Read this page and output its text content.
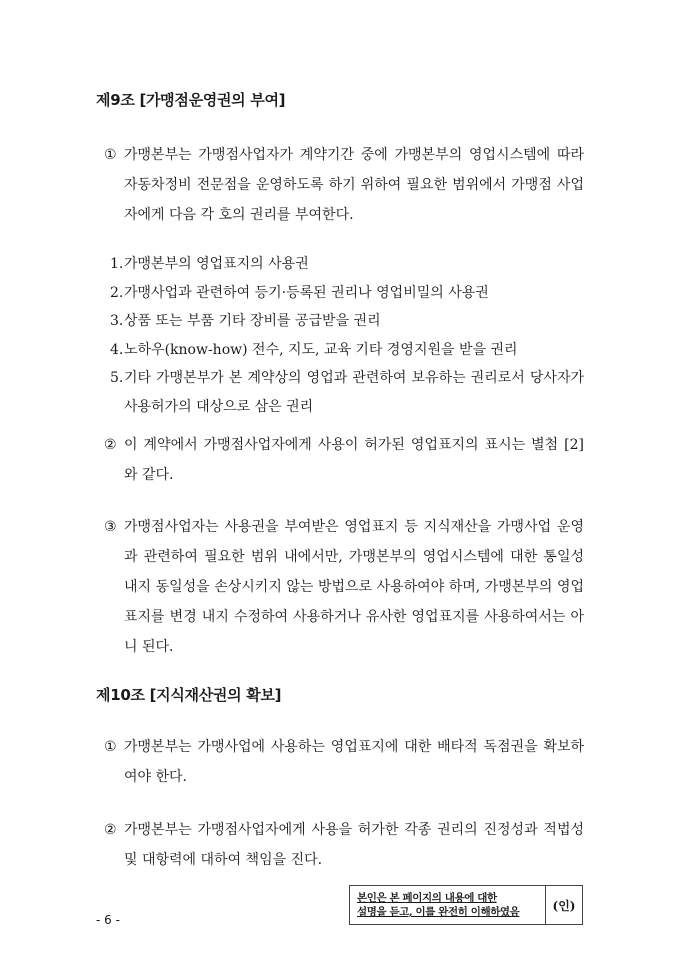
제9조 [가맹점운영권의 부여]
① 가맹본부는 가맹점사업자가 계약기간 중에 가맹본부의 영업시스템에 따라 자동차정비 전문점을 운영하도록 하기 위하여 필요한 범위에서 가맹점 사업자에게 다음 각 호의 권리를 부여한다.
1. 가맹본부의 영업표지의 사용권
2. 가맹사업과 관련하여 등기·등록된 권리나 영업비밀의 사용권
3. 상품 또는 부품 기타 장비를 공급받을 권리
4. 노하우(know-how) 전수, 지도, 교육 기타 경영지원을 받을 권리
5. 기타 가맹본부가 본 계약상의 영업과 관련하여 보유하는 권리로서 당사자가 사용허가의 대상으로 삼은 권리
② 이 계약에서 가맹점사업자에게 사용이 허가된 영업표지의 표시는 별첨 [2]와 같다.
③ 가맹점사업자는 사용권을 부여받은 영업표지 등 지식재산을 가맹사업 운영과 관련하여 필요한 범위 내에서만, 가맹본부의 영업시스템에 대한 통일성 내지 동일성을 손상시키지 않는 방법으로 사용하여야 하며, 가맹본부의 영업표지를 변경 내지 수정하여 사용하거나 유사한 영업표지를 사용하여서는 아니 된다.
제10조 [지식재산권의 확보]
① 가맹본부는 가맹사업에 사용하는 영업표지에 대한 배타적 독점권을 확보하여야 한다.
② 가맹본부는 가맹점사업자에게 사용을 허가한 각종 권리의 진정성과 적법성 및 대항력에 대하여 책임을 진다.
본인은 본 페이지의 내용에 대한
설명을 듣고, 이를 완전히 이해하였음	(인)
- 6 -
